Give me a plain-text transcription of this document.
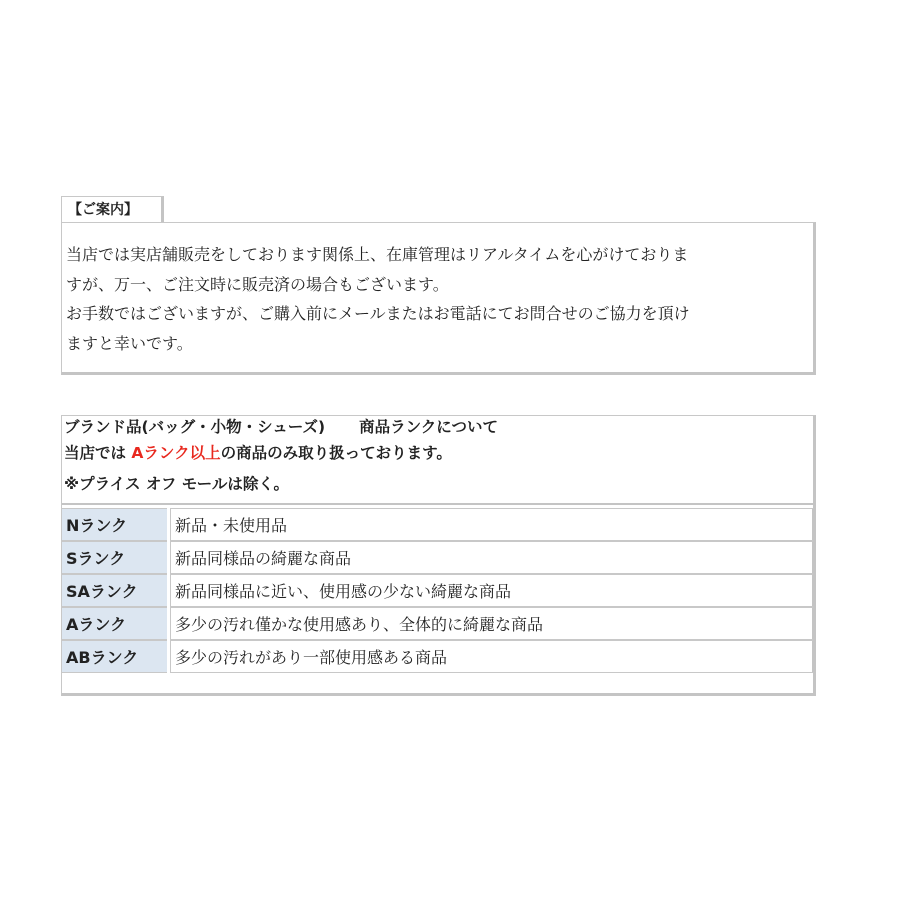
【ご案内】

当店では実店舗販売をしております関係上、在庫管理はリアルタイムを心がけておりま

すが、万一、ご注文時に販売済の場合もございます。

お手数ではございますが、ご購入前にメールまたはお電話にてお問合せのご協力を頂け

ますと幸いです。

ブランド品(バッグ・小物・シューズ) 商品ランクについて
当店では Aランク以上の商品のみ取り扱っております。
※プライス オフ モールは除く。
Nランク		新品・未使用品
Sランク		新品同様品の綺麗な商品
SAランク		新品同様品に近い、使用感の少ない綺麗な商品
Aランク		多少の汚れ僅かな使用感あり、全体的に綺麗な商品
ABランク		多少の汚れがあり一部使用感ある商品
